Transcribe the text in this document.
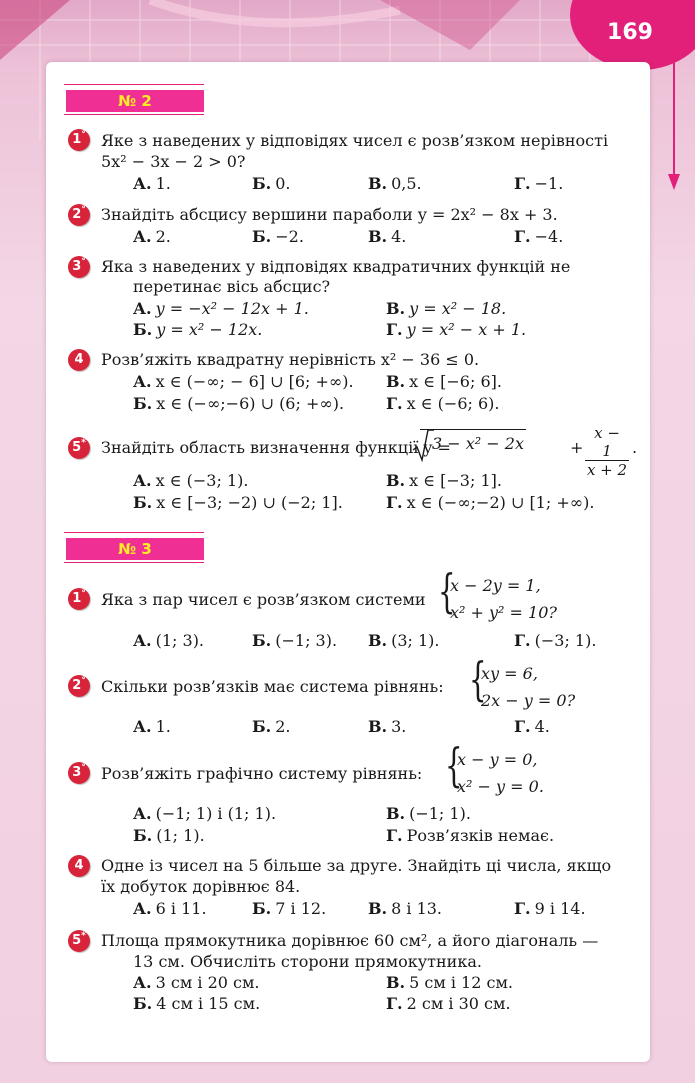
169
№ 2
1° Яке з наведених у відповідях чисел є розв’язком нерівності
5x² − 3x − 2 > 0?
А. 1.	Б. 0.	В. 0,5.	Г. −1.
2° Знайдіть абсцису вершини параболи y = 2x² − 8x + 3.
А. 2.	Б. −2.	В. 4.	Г. −4.
3° Яка з наведених у відповідях квадратичних функцій не
перетинає вісь абсцис?
А. y = −x² − 12x + 1.	В. y = x² − 18.
Б. y = x² − 12x.	Г. y = x² − x + 1.
4	Розв’яжіть квадратну нерівність x² − 36 ≤ 0.
А. x ∈ (−∞; − 6] ∪ [6; +∞). В. x ∈ [−6; 6].
Б. x ∈ (−∞;−6) ∪ (6; +∞).	Г. x ∈ (−6; 6).
5* Знайдіть область визначення функції y =
3 − x² − 2x	+ $\frac{x - 1}{x + 2}$ .
А. x ∈ (−3; 1).	В. x ∈ [−3; 1].
Б. x ∈ [−3; −2) ∪ (−2; 1].	Г. x ∈ (−∞;−2) ∪ [1; +∞).
№ 3
1° Яка з пар чисел є розв’язком системи {
x − 2y = 1,
x² + y² = 10?
А. (1; 3).	Б. (−1; 3). В. (3; 1).	Г. (−3; 1).
2° Скільки розв’язків має система рівнянь: {
xy = 6,
2x − y = 0?
А. 1.	Б. 2.	В. 3.	Г. 4.
3° Розв’яжіть графічно систему рівнянь: {
x − y = 0,
x² − y = 0.
А. (−1; 1) і (1; 1).	В. (−1; 1).
Б. (1; 1).	Г. Розв’язків немає.
4	Одне із чисел на 5 більше за друге. Знайдіть ці числа, якщо
їх добуток дорівнює 84.
А. 6 і 11.	Б. 7 і 12.	В. 8 і 13.	Г. 9 і 14.
5* Площа прямокутника дорівнює 60 см², а його діагональ —
13 см. Обчисліть сторони прямокутника.
А. 3 см і 20 см.	В. 5 см і 12 см.
Б. 4 см і 15 см.	Г. 2 см і 30 см.
